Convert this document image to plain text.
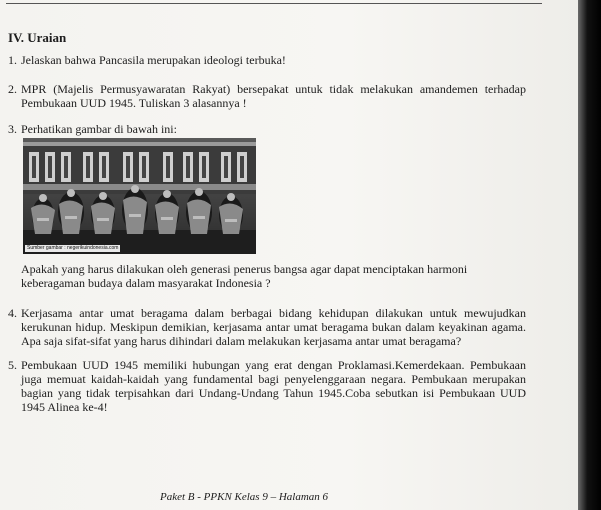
IV. Uraian
1. Jelaskan bahwa Pancasila merupakan ideologi terbuka!
2. MPR (Majelis Permusyawaratan Rakyat) bersepakat untuk tidak melakukan amandemen terhadap
Pembukaan UUD 1945. Tuliskan 3 alasannya !
3. Perhatikan gambar di bawah ini:
Sumber gambar : negerikuindonesia.com
Apakah yang harus dilakukan oleh generasi penerus bangsa agar dapat menciptakan harmoni
keberagaman budaya dalam masyarakat Indonesia ?
4. Kerjasama antar umat beragama dalam berbagai bidang kehidupan dilakukan untuk mewujudkan
kerukunan hidup. Meskipun demikian, kerjasama antar umat beragama bukan dalam keyakinan agama.
Apa saja sifat-sifat yang harus dihindari dalam melakukan kerjasama antar umat beragama?
5. Pembukaan UUD 1945 memiliki hubungan yang erat dengan Proklamasi.Kemerdekaan. Pembukaan
juga memuat kaidah-kaidah yang fundamental bagi penyelenggaraan negara. Pembukaan merupakan
bagian yang tidak terpisahkan dari Undang-Undang Tahun 1945.Coba sebutkan isi Pembukaan UUD
1945 Alinea ke-4!
Paket B - PPKN Kelas 9 – Halaman 6
